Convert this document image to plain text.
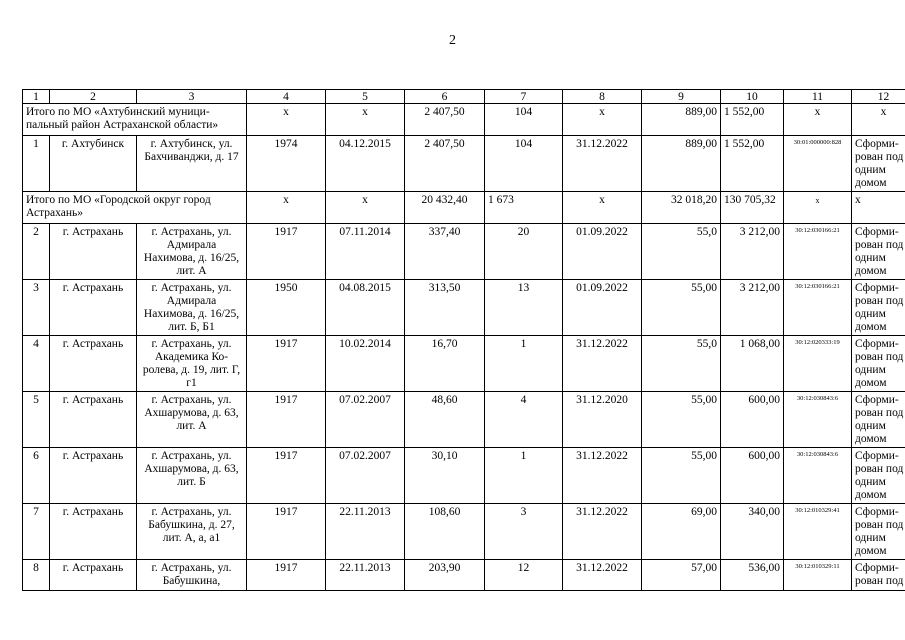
2
1	2	3	4	5	6	7	8	9	10	11	12
Итого по МО «Ахтубинский муници-пальный район Астраханской области»			x	x	2 407,50	104	x	889,00	1 552,00	x	x
1	г. Ахтубинск	г. Ахтубинск, ул. Бахчиванджи, д. 17	1974	04.12.2015	2 407,50	104	31.12.2022	889,00	1 552,00	30:01:000000:828	Сформи-рован под одним домом
Итого по МО «Городской округ город Астрахань»			x	x	20 432,40	1 673	x	32 018,20	130 705,32	x	x
2	г. Астрахань	г. Астрахань, ул. Адмирала Нахимова, д. 16/25, лит. А	1917	07.11.2014	337,40	20	01.09.2022	55,0	3 212,00	30:12:030166:21	Сформи-рован под одним домом
3	г. Астрахань	г. Астрахань, ул. Адмирала Нахимова, д. 16/25, лит. Б, Б1	1950	04.08.2015	313,50	13	01.09.2022	55,00	3 212,00	30:12:030166:21	Сформи-рован под одним домом
4	г. Астрахань	г. Астрахань, ул. Академика Ко-ролева, д. 19, лит. Г, г1	1917	10.02.2014	16,70	1	31.12.2022	55,0	1 068,00	30:12:020333:19	Сформи-рован под одним домом
5	г. Астрахань	г. Астрахань, ул. Ахшарумова, д. 63, лит. А	1917	07.02.2007	48,60	4	31.12.2020	55,00	600,00	30:12:030843:6	Сформи-рован под одним домом
6	г. Астрахань	г. Астрахань, ул. Ахшарумова, д. 63, лит. Б	1917	07.02.2007	30,10	1	31.12.2022	55,00	600,00	30:12:030843:6	Сформи-рован под одним домом
7	г. Астрахань	г. Астрахань, ул. Бабушкина, д. 27, лит. А, а, а1	1917	22.11.2013	108,60	3	31.12.2022	69,00	340,00	30:12:010329:41	Сформи-рован под одним домом
8	г. Астрахань	г. Астрахань, ул. Бабушкина,	1917	22.11.2013	203,90	12	31.12.2022	57,00	536,00	30:12:010329:11	Сформи-рован под
